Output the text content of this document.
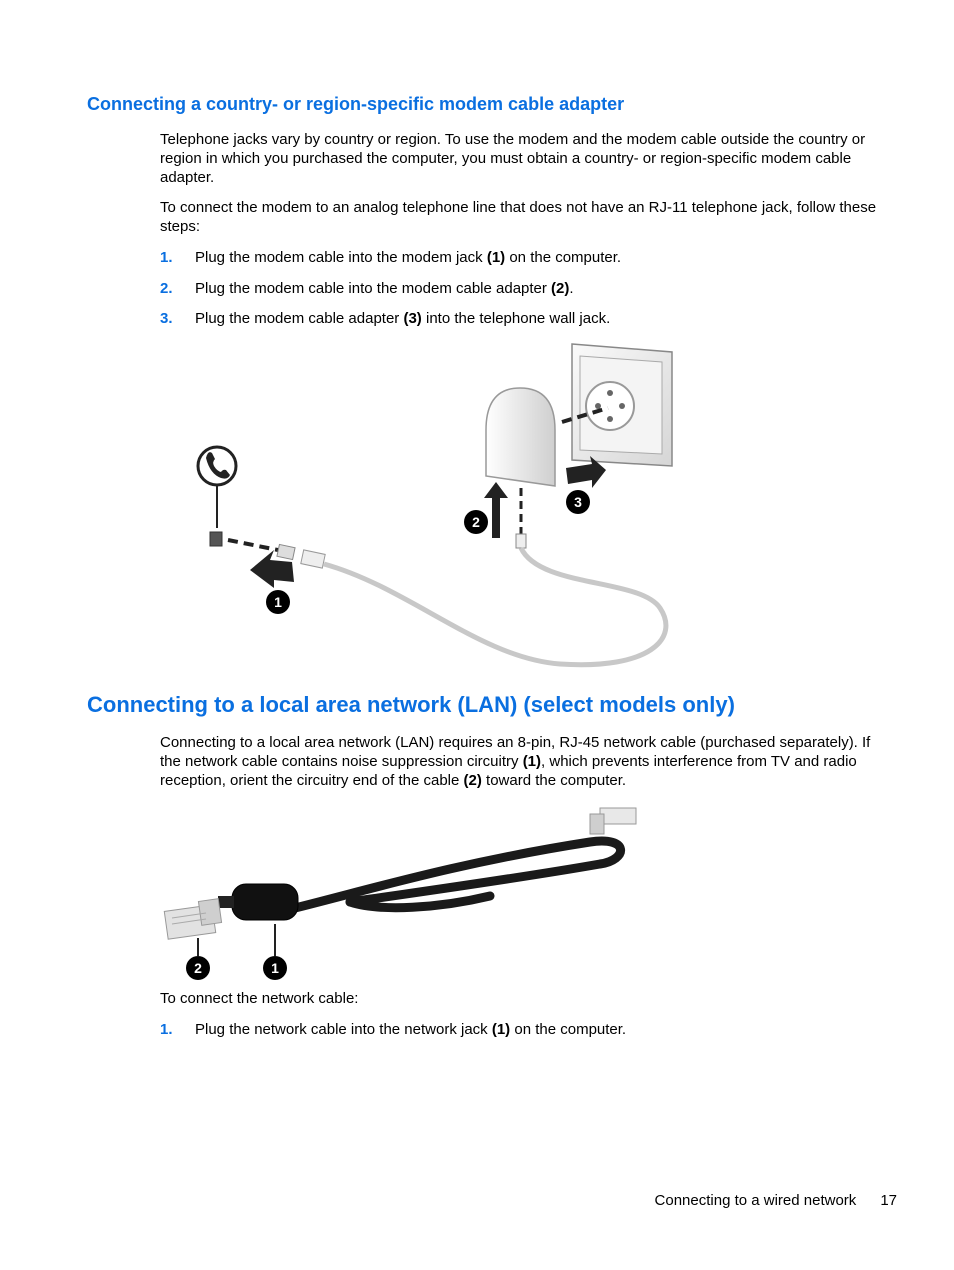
Connecting a country- or region-specific modem cable adapter

Telephone jacks vary by country or region. To use the modem and the modem cable outside the country or region in which you purchased the computer, you must obtain a country- or region-specific modem cable adapter.

To connect the modem to an analog telephone line that does not have an RJ-11 telephone jack, follow these steps:

1. Plug the modem cable into the modem jack (1) on the computer.
2. Plug the modem cable into the modem cable adapter (2).
3. Plug the modem cable adapter (3) into the telephone wall jack.
1
2
3
Connecting to a local area network (LAN) (select models only)

Connecting to a local area network (LAN) requires an 8-pin, RJ-45 network cable (purchased separately). If the network cable contains noise suppression circuitry (1), which prevents interference from TV and radio reception, orient the circuitry end of the cable (2) toward the computer.

2	1

To connect the network cable:

1. Plug the network cable into the network jack (1) on the computer.
Connecting to a wired network 17
